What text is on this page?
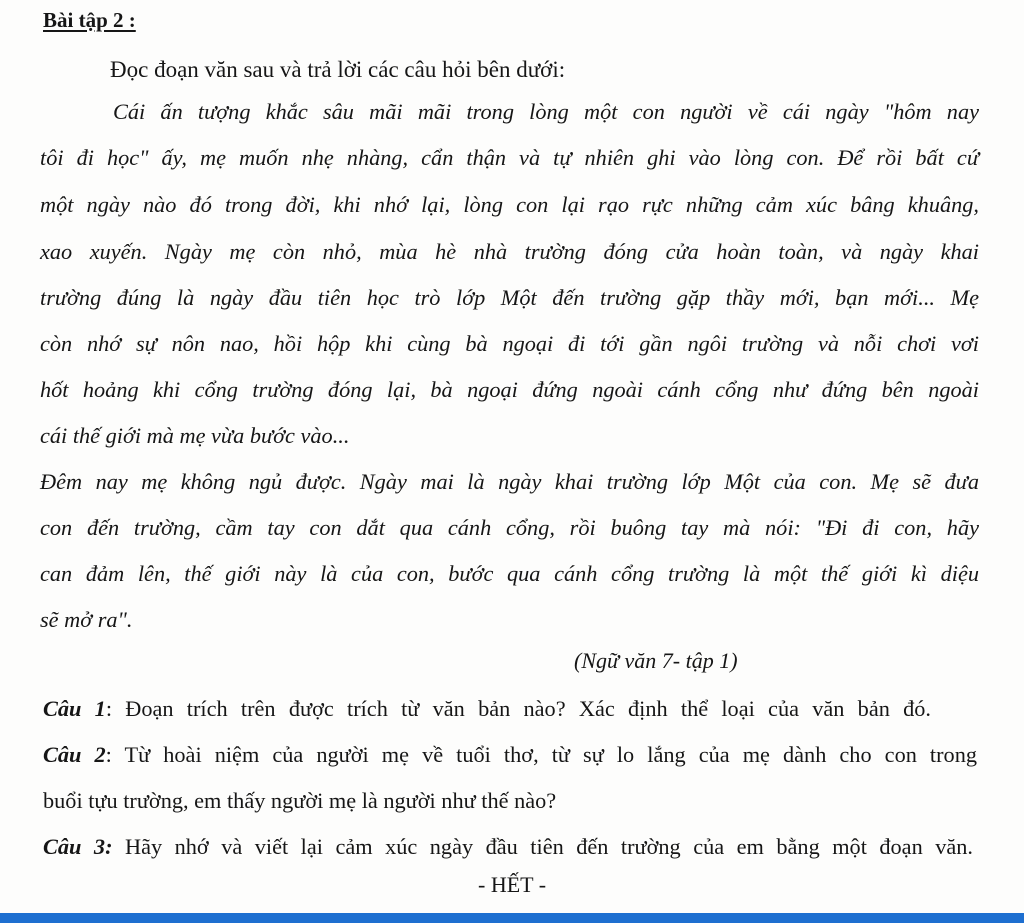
Bài tập 2 :
Đọc đoạn văn sau và trả lời các câu hỏi bên dưới:
Cái ấn tượng khắc sâu mãi mãi trong lòng một con người về cái ngày "hôm nay
tôi đi học" ấy, mẹ muốn nhẹ nhàng, cẩn thận và tự nhiên ghi vào lòng con. Để rồi bất cứ
một ngày nào đó trong đời, khi nhớ lại, lòng con lại rạo rực những cảm xúc bâng khuâng,
xao xuyến. Ngày mẹ còn nhỏ, mùa hè nhà trường đóng cửa hoàn toàn, và ngày khai
trường đúng là ngày đầu tiên học trò lớp Một đến trường gặp thầy mới, bạn mới... Mẹ
còn nhớ sự nôn nao, hồi hộp khi cùng bà ngoại đi tới gần ngôi trường và nỗi chơi vơi
hốt hoảng khi cổng trường đóng lại, bà ngoại đứng ngoài cánh cổng như đứng bên ngoài
cái thế giới mà mẹ vừa bước vào...
Đêm nay mẹ không ngủ được. Ngày mai là ngày khai trường lớp Một của con. Mẹ sẽ đưa
con đến trường, cầm tay con dắt qua cánh cổng, rồi buông tay mà nói: "Đi đi con, hãy
can đảm lên, thế giới này là của con, bước qua cánh cổng trường là một thế giới kì diệu
sẽ mở ra".
(Ngữ văn 7- tập 1)
Câu 1: Đoạn trích trên được trích từ văn bản nào? Xác định thể loại của văn bản đó.
Câu 2: Từ hoài niệm của người mẹ về tuổi thơ, từ sự lo lắng của mẹ dành cho con trong
buổi tựu trường, em thấy người mẹ là người như thế nào?
Câu 3: Hãy nhớ và viết lại cảm xúc ngày đầu tiên đến trường của em bằng một đoạn văn.
- HẾT -
